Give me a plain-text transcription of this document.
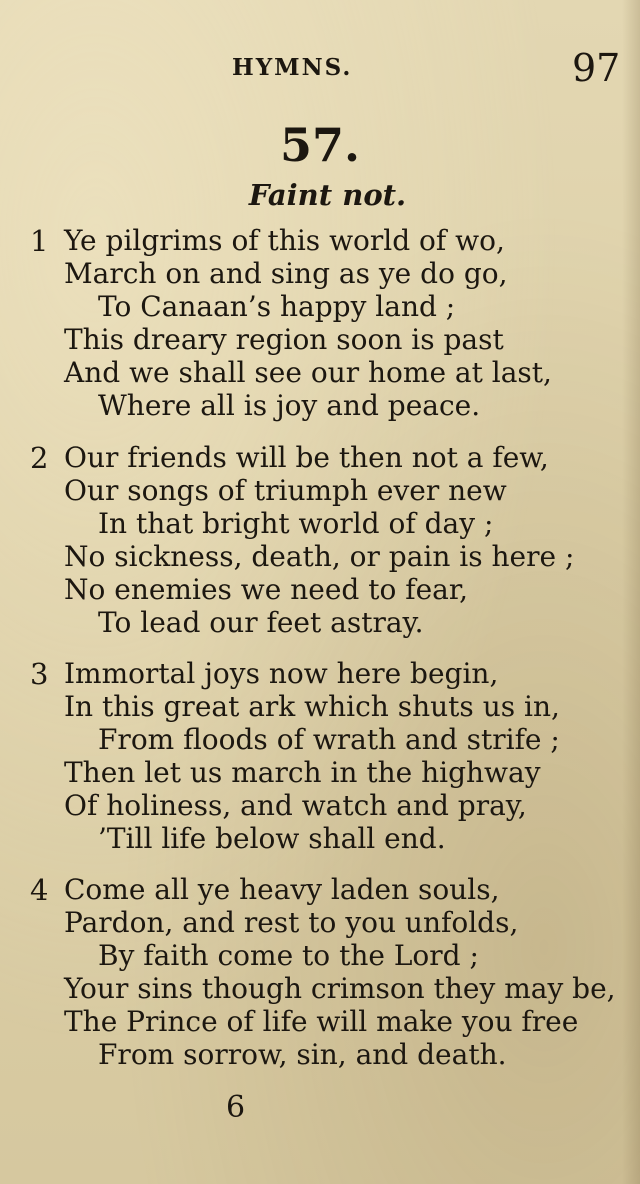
HYMNS.	97
57.
Faint not.
1 Ye pilgrims of this world of wo,
March on and sing as ye do go,
To Canaan’s happy land ;
This dreary region soon is past
And we shall see our home at last,
Where all is joy and peace.
2 Our friends will be then not a few,
Our songs of triumph ever new
In that bright world of day ;
No sickness, death, or pain is here ;
No enemies we need to fear,
To lead our feet astray.
3 Immortal joys now here begin,
In this great ark which shuts us in,
From floods of wrath and strife ;
Then let us march in the highway
Of holiness, and watch and pray,
’Till life below shall end.
4 Come all ye heavy laden souls,
Pardon, and rest to you unfolds,
By faith come to the Lord ;
Your sins though crimson they may be,
The Prince of life will make you free
From sorrow, sin, and death.
6
